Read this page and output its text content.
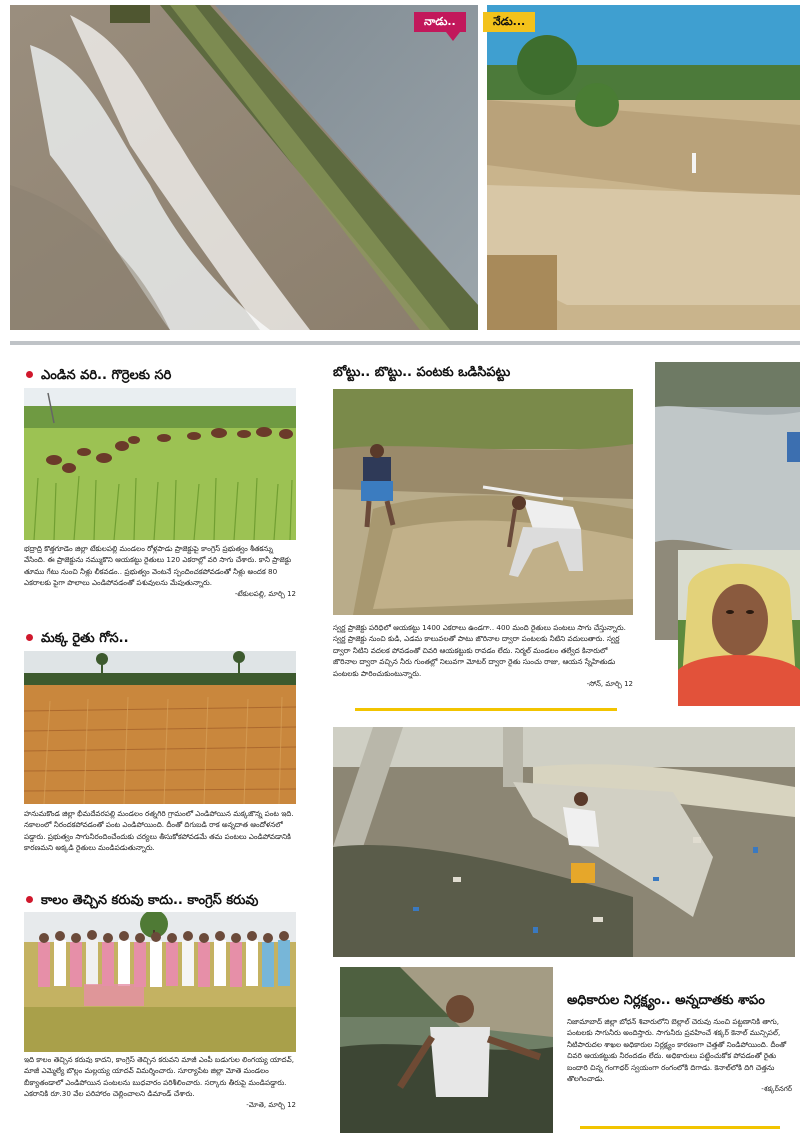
నాడు..	నేడు...
ఎండిన వరి.. గొర్రెలకు సరి
భద్రాద్రి కొత్తగూడెం జిల్లా టేకులపల్లి మండలం రోళ్లపాడు ప్రాజెక్టుపై కాంగ్రెస్ ప్రభుత్వం శీతకన్ను వేసింది. ఈ ప్రాజెక్టును నమ్ముకొని ఆయకట్టు రైతులు 120 ఎకరాల్లో వరి సాగు చేశారు. కానీ ప్రాజెక్టు తూము గేటు నుంచి నీళ్లు లీకవడం.. ప్రభుత్వం వెంటనే స్పందించకపోవడంతో నీళ్లు అందక 80 ఎకరాలకు పైగా పొలాలు ఎండిపోవడంతో పశువులను మేపుతున్నారు.
-టేకులపల్లి, మార్చి 12
మక్క రైతు గోస..
హనుమకొండ జిల్లా భీమదేవరపల్లి మండలం రత్నగిరి గ్రామంలో ఎండిపోయిన మక్కజొన్న పంట ఇది. నకాలంలో నీరందకపోవడంతో పంట ఎండిపోయింది. దీంతో దిగుబడి రాక అన్నదాత ఆందోళనలో పడ్డారు. ప్రభుత్వం సాగునీరందించేందుకు చర్యలు తీసుకోకపోవడమే తమ పంటలు ఎండిపోవడానికి కారణమని అక్కడి రైతులు మండిపడుతున్నారు.
కాలం తెచ్చిన కరువు కాదు.. కాంగ్రెస్ కరువు
ఇది కాలం తెచ్చిన కరువు కాదని, కాంగ్రెస్ తెచ్చిన కరువని మాజీ ఎంపీ బడుగుల లింగయ్య యాదవ్, మాజీ ఎమ్మెల్యే బొల్లం మల్లయ్య యాదవ్ విమర్శించారు. సూర్యాపేట జిల్లా మోతె మండలం బీక్యాతండాలో ఎండిపోయిన పంటలను బుధవారం పరిశీలించారు. సర్కారు తీరుపై మండిపడ్డారు. ఎకరానికి రూ.30 వేల పరిహారం చెల్లించాలని డిమాండ్ చేశారు.
-మోతె, మార్చి 12
బోట్టు.. బొట్టు.. పంటకు ఒడిసిపట్టు
స్వర్ణ ప్రాజెక్టు పరిధిలో ఆయకట్టు 1400 ఎకరాలు ఉండగా.. 400 మంది రైతులు పంటలు సాగు చేస్తున్నారు. స్వర్ణ ప్రాజెక్టు నుంచి కుడి, ఎడమ కాలువలతో పాటు జొరినాల ద్వారా పంటలకు నీటిని వదులుతారు. స్వర్ణ ద్వారా నీటిని వదలక పోవడంతో చివరి ఆయకట్టుకు రావడం లేదు. నిర్మల్ మండలం తల్వేద కినారులో జొరినాల ద్వారా వచ్చిన నీరు గుంతల్లో నిలువగా మోటర్ ద్వారా రైతు సుంచు రాజు, ఆయన స్నేహితుడు పంటలకు పారించుకుంటున్నారు.
-సోన్, మార్చి 12
అధికారుల నిర్లక్ష్యం.. అన్నదాతకు శాపం
నిజామాబాద్ జిల్లా బోధన్ శివారులోని బెల్లాల్ చెరువు నుంచి పట్టణానికి తాగు, పంటలకు సాగునీరు అందిస్తారు. సాగునీరు ప్రవహించే శక్కర్ కెనాల్ మున్సిపల్, నీటిపారుదల శాఖల అధికారుల నిర్లక్ష్యం కారణంగా చెత్తతో నిండిపోయింది. దీంతో చివరి ఆయకట్టుకు నీరందడం లేదు. అధికారులు పట్టించుకోక పోవడంతో రైతు బందారి చిన్న గంగాధర్ స్వయంగా రంగంలోకి దిగాడు. కెనాల్‌లోకి దిగి చెత్తను తొలగించాడు.
-శక్కర్‌నగర్
